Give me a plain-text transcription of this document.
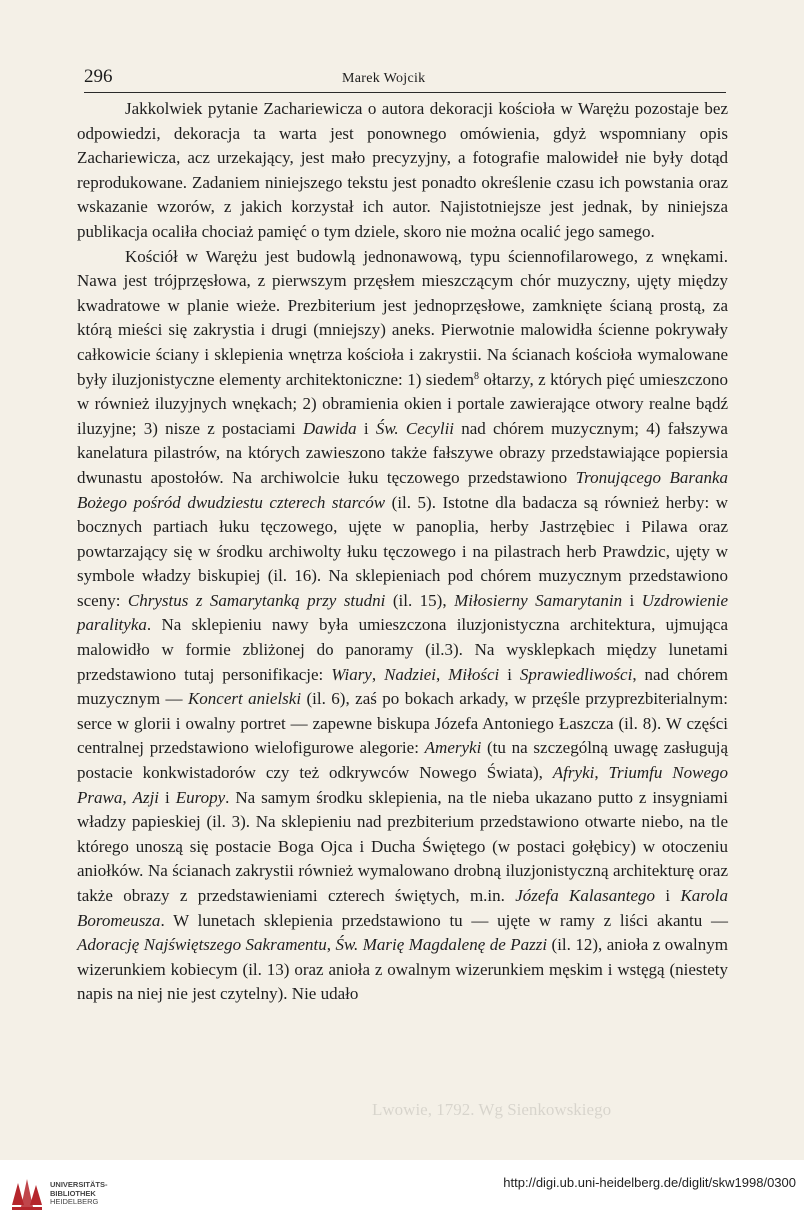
296	Marek Wojcik

Jakkolwiek pytanie Zachariewicza o autora dekoracji kościoła w Warężu pozostaje bez odpowiedzi, dekoracja ta warta jest ponownego omówienia, gdyż wspomniany opis Zachariewicza, acz urzekający, jest mało precyzyjny, a fotografie malowideł nie były dotąd reprodukowane. Zadaniem niniejszego tekstu jest ponadto określenie czasu ich powstania oraz wskazanie wzorów, z jakich korzystał ich autor. Najistotniejsze jest jednak, by niniejsza publikacja ocaliła chociaż pamięć o tym dziele, skoro nie można ocalić jego samego.

Kościół w Warężu jest budowlą jednonawową, typu ściennofilarowego, z wnękami. Nawa jest trójprzęsłowa, z pierwszym przęsłem mieszczącym chór muzyczny, ujęty między kwadratowe w planie wieże. Prezbiterium jest jednoprzęsłowe, zamknięte ścianą prostą, za którą mieści się zakrystia i drugi (mniejszy) aneks. Pierwotnie malowidła ścienne pokrywały całkowicie ściany i sklepienia wnętrza kościoła i zakrystii. Na ścianach kościoła wymalowane były iluzjonistyczne elementy architektoniczne: 1) siedem$^8$ ołtarzy, z których pięć umieszczono w również iluzyjnych wnękach; 2) obramienia okien i portale zawierające otwory realne bądź iluzyjne; 3) nisze z postaciami Dawida i Św. Cecylii nad chórem muzycznym; 4) fałszywa kanelatura pilastrów, na których zawieszono także fałszywe obrazy przedstawiające popiersia dwunastu apostołów. Na archiwolcie łuku tęczowego przedstawiono Tronującego Baranka Bożego pośród dwudziestu czterech starców (il. 5). Istotne dla badacza są również herby: w bocznych partiach łuku tęczowego, ujęte w panoplia, herby Jastrzębiec i Pilawa oraz powtarzający się w środku archiwolty łuku tęczowego i na pilastrach herb Prawdzic, ujęty w symbole władzy biskupiej (il. 16). Na sklepieniach pod chórem muzycznym przedstawiono sceny: Chrystus z Samarytanką przy studni (il. 15), Miłosierny Samarytanin i Uzdrowienie paralityka. Na sklepieniu nawy była umieszczona iluzjonistyczna architektura, ujmująca malowidło w formie zbliżonej do panoramy (il.3). Na wysklepkach między lunetami przedstawiono tutaj personifikacje: Wiary, Nadziei, Miłości i Sprawiedliwości, nad chórem muzycznym — Koncert anielski (il. 6), zaś po bokach arkady, w przęśle przyprezbiterialnym: serce w glorii i owalny portret — zapewne biskupa Józefa Antoniego Łaszcza (il. 8). W części centralnej przedstawiono wielofigurowe alegorie: Ameryki (tu na szczególną uwagę zasługują postacie konkwistadorów czy też odkrywców Nowego Świata), Afryki, Triumfu Nowego Prawa, Azji i Europy. Na samym środku sklepienia, na tle nieba ukazano putto z insygniami władzy papieskiej (il. 3). Na sklepieniu nad prezbiterium przedstawiono otwarte niebo, na tle którego unoszą się postacie Boga Ojca i Ducha Świętego (w postaci gołębicy) w otoczeniu aniołków. Na ścianach zakrystii również wymalowano drobną iluzjonistyczną architekturę oraz także obrazy z przedstawieniami czterech świętych, m.in. Józefa Kalasantego i Karola Boromeusza. W lunetach sklepienia przedstawiono tu — ujęte w ramy z liści akantu — Adorację Najświętszego Sakramentu, Św. Marię Magdalenę de Pazzi (il. 12), anioła z owalnym wizerunkiem kobiecym (il. 13) oraz anioła z owalnym wizerunkiem męskim i wstęgą (niestety napis na niej nie jest czytelny). Nie udało

Lwowie, 1792. Wg Sienkowskiego
UNIVERSITÄTS-
BIBLIOTHEK
HEIDELBERG
http://digi.ub.uni-heidelberg.de/diglit/skw1998/0300
